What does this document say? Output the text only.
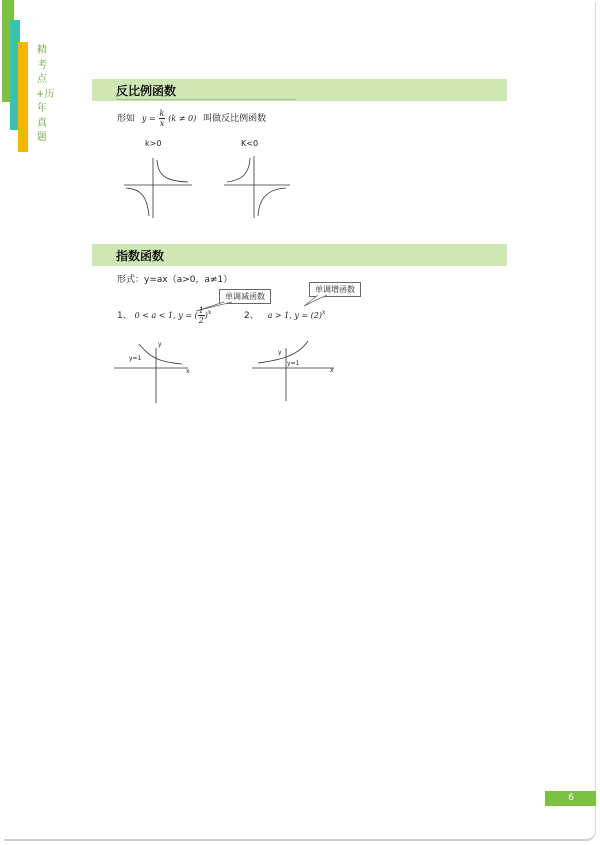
精考点+历年真题
反比例函数
形如 $y = \frac{k}{x} (k \ne 0)$ 叫做反比例函数
k>0	K<0
指数函数
形式：y=ax（a>0，a≠1）
单调减函数
单调增函数
1、 0 < a < 1, y = ( $\frac{1}{2} )^x$	2、 a > 1, $y = (2)^x$
y
x
y=1
y
x
y=1
6
